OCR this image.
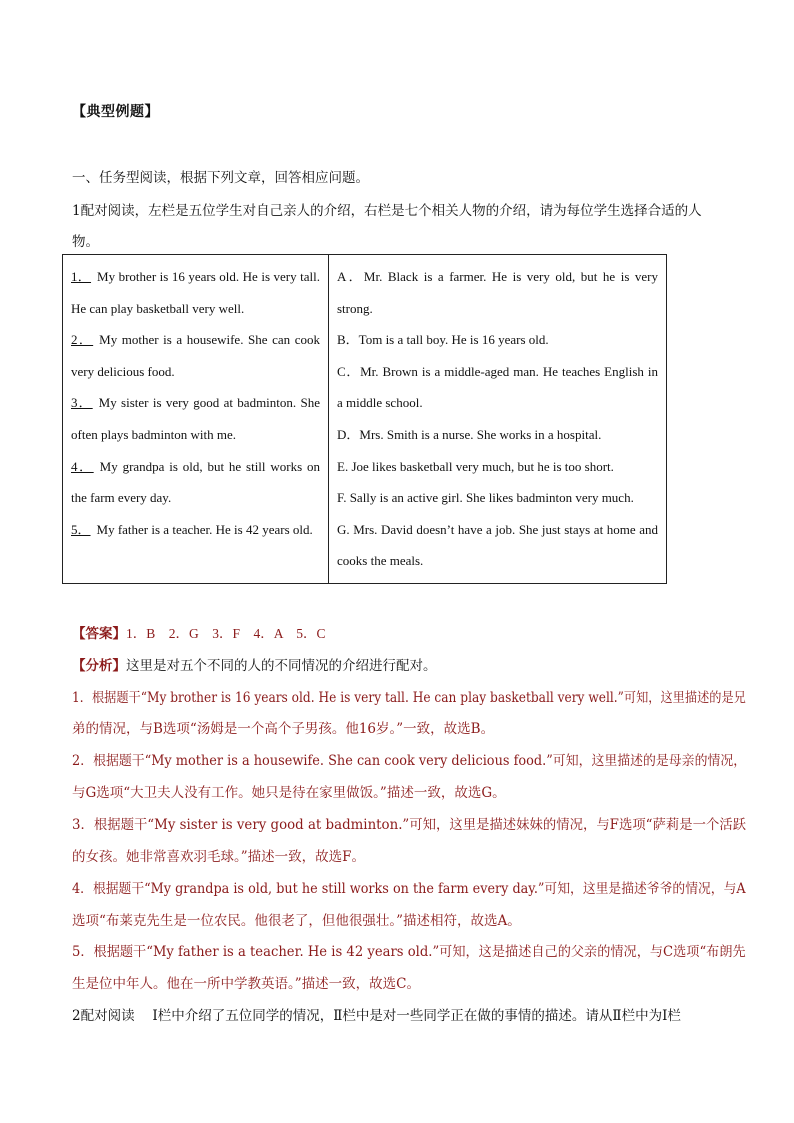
【典型例题】
一、任务型阅读，根据下列文章，回答相应问题。
1配对阅读，左栏是五位学生对自己亲人的介绍，右栏是七个相关人物的介绍，请为每位学生选择合适的人
物。
1． My brother is 16 years old. He is very tall. He can play basketball very well.
2． My mother is a housewife. She can cook very delicious food.
3． My sister is very good at badminton. She often plays badminton with me.
4． My grandpa is old, but he still works on the farm every day.
5． My father is a teacher. He is 42 years old.

A．Mr. Black is a farmer. He is very old, but he is very strong.
B．Tom is a tall boy. He is 16 years old.
C．Mr. Brown is a middle-aged man. He teaches English in a middle school.
D．Mrs. Smith is a nurse. She works in a hospital.
E. Joe likes basketball very much, but he is too short.
F. Sally is an active girl. She likes badminton very much.
G. Mrs. David doesn’t have a job. She just stays at home and cooks the meals.
【答案】1．B　2．G　3．F　4．A　5．C
【分析】这里是对五个不同的人的不同情况的介绍进行配对。
1．根据题干“My brother is 16 years old. He is very tall. He can play basketball very well.”可知，这里描述的是兄
弟的情况，与B选项“汤姆是一个高个子男孩。他16岁。”一致，故选B。
2．根据题干“My mother is a housewife. She can cook very delicious food.”可知，这里描述的是母亲的情况，
与G选项“大卫夫人没有工作。她只是待在家里做饭。”描述一致，故选G。
3．根据题干“My sister is very good at badminton.”可知，这里是描述妹妹的情况，与F选项“萨莉是一个活跃
的女孩。她非常喜欢羽毛球。”描述一致，故选F。
4．根据题干“My grandpa is old, but he still works on the farm every day.”可知，这里是描述爷爷的情况，与A
选项“布莱克先生是一位农民。他很老了，但他很强壮。”描述相符，故选A。
5．根据题干“My father is a teacher. He is 42 years old.”可知，这是描述自己的父亲的情况，与C选项“布朗先
生是位中年人。他在一所中学教英语。”描述一致，故选C。
2配对阅读　 Ⅰ栏中介绍了五位同学的情况，Ⅱ栏中是对一些同学正在做的事情的描述。请从Ⅱ栏中为Ⅰ栏
